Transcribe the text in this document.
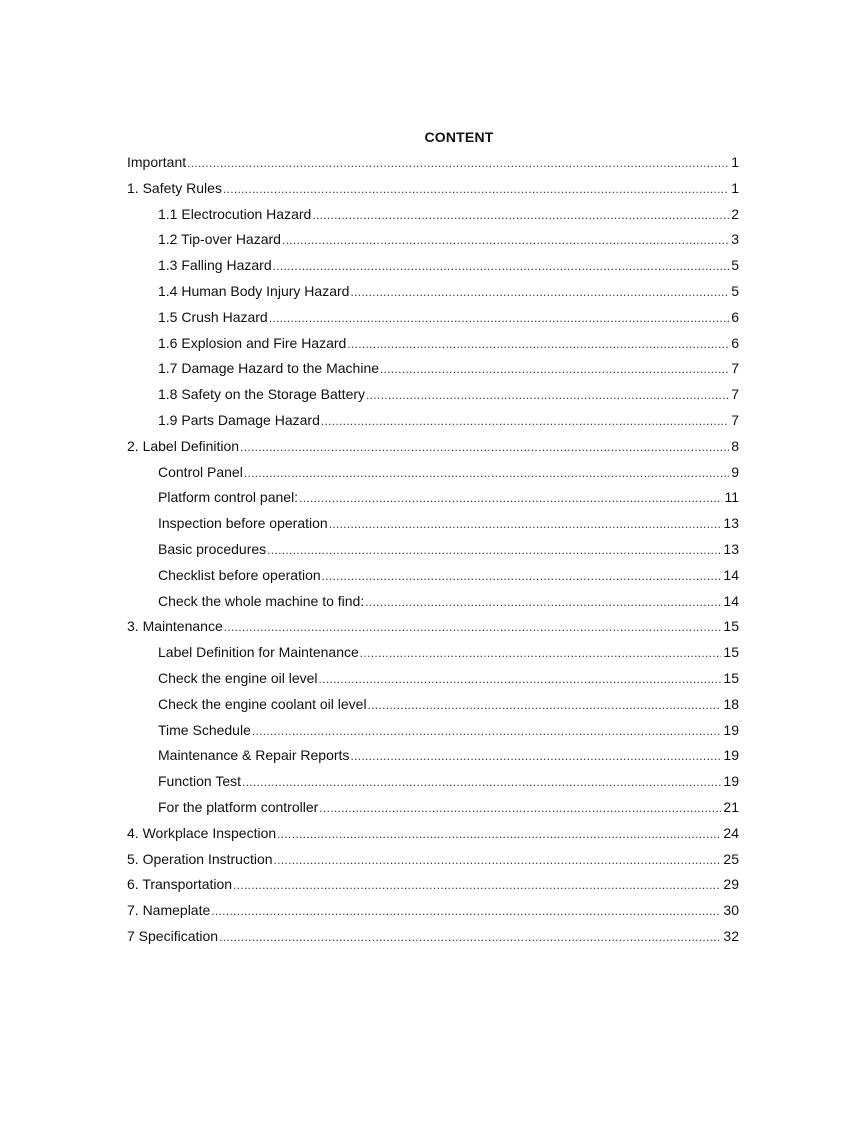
CONTENT
Important .....	1
1. Safety Rules .....	1
1.1 Electrocution Hazard .....	2
1.2 Tip-over Hazard .....	3
1.3 Falling Hazard .....	5
1.4 Human Body Injury Hazard .....	5
1.5 Crush Hazard .....	6
1.6 Explosion and Fire Hazard .....	6
1.7 Damage Hazard to the Machine .....	7
1.8 Safety on the Storage Battery .....	7
1.9 Parts Damage Hazard .....	7
2. Label Definition .....	8
Control Panel .....	9
Platform control panel: .....	11
Inspection before operation .....	13
Basic procedures .....	13
Checklist before operation .....	14
Check the whole machine to find: .....	14
3. Maintenance .....	15
Label Definition for Maintenance .....	15
Check the engine oil level .....	15
Check the engine coolant oil level .....	18
Time Schedule .....	19
Maintenance & Repair Reports .....	19
Function Test .....	19
For the platform controller .....	21
4. Workplace Inspection .....	24
5. Operation Instruction .....	25
6. Transportation .....	29
7. Nameplate .....	30
7 Specification .....	32
